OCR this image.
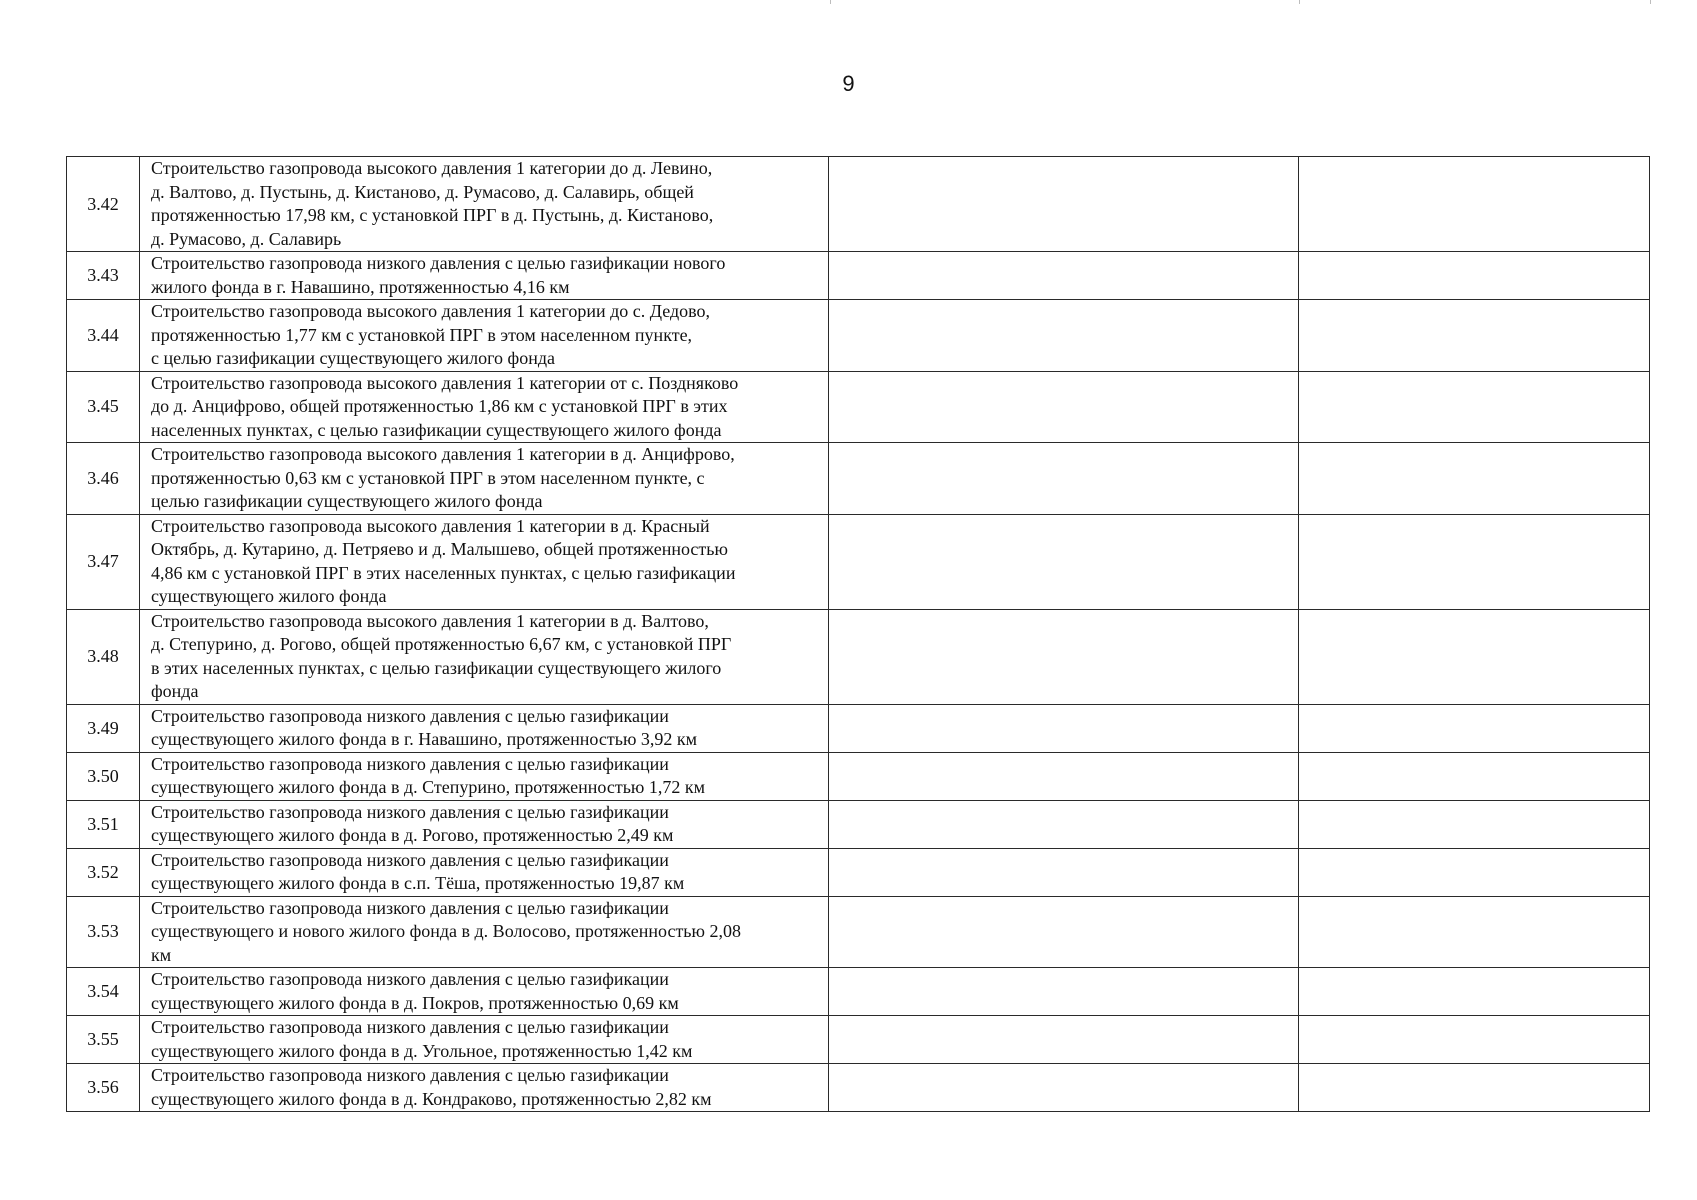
9
3.42	Строительство газопровода высокого давления 1 категории до д. Левино,
д. Валтово, д. Пустынь, д. Кистаново, д. Румасово, д. Салавирь, общей
протяженностью 17,98 км, с установкой ПРГ в д. Пустынь, д. Кистаново,
д. Румасово, д. Салавирь		

3.43	Строительство газопровода низкого давления с целью газификации нового
жилого фонда в г. Навашино, протяженностью 4,16 км		

3.44	Строительство газопровода высокого давления 1 категории до с. Дедово,
протяженностью 1,77 км с установкой ПРГ в этом населенном пункте,
с целью газификации существующего жилого фонда		

3.45	Строительство газопровода высокого давления 1 категории от с. Поздняково
до д. Анцифрово, общей протяженностью 1,86 км с установкой ПРГ в этих
населенных пунктах, с целью газификации существующего жилого фонда		

3.46	Строительство газопровода высокого давления 1 категории в д. Анцифрово,
протяженностью 0,63 км с установкой ПРГ в этом населенном пункте, с
целью газификации существующего жилого фонда		

3.47	Строительство газопровода высокого давления 1 категории в д. Красный
Октябрь, д. Кутарино, д. Петряево и д. Малышево, общей протяженностью
4,86 км с установкой ПРГ в этих населенных пунктах, с целью газификации
существующего жилого фонда		

3.48	Строительство газопровода высокого давления 1 категории в д. Валтово,
д. Степурино, д. Рогово, общей протяженностью 6,67 км, с установкой ПРГ
в этих населенных пунктах, с целью газификации существующего жилого
фонда		

3.49	Строительство газопровода низкого давления с целью газификации
существующего жилого фонда в г. Навашино, протяженностью 3,92 км		

3.50	Строительство газопровода низкого давления с целью газификации
существующего жилого фонда в д. Степурино, протяженностью 1,72 км		

3.51	Строительство газопровода низкого давления с целью газификации
существующего жилого фонда в д. Рогово, протяженностью 2,49 км		

3.52	Строительство газопровода низкого давления с целью газификации
существующего жилого фонда в с.п. Тёша, протяженностью 19,87 км		

3.53	Строительство газопровода низкого давления с целью газификации
существующего и нового жилого фонда в д. Волосово, протяженностью 2,08
км		

3.54	Строительство газопровода низкого давления с целью газификации
существующего жилого фонда в д. Покров, протяженностью 0,69 км		

3.55	Строительство газопровода низкого давления с целью газификации
существующего жилого фонда в д. Угольное, протяженностью 1,42 км		

3.56	Строительство газопровода низкого давления с целью газификации
существующего жилого фонда в д. Кондраково, протяженностью 2,82 км		
